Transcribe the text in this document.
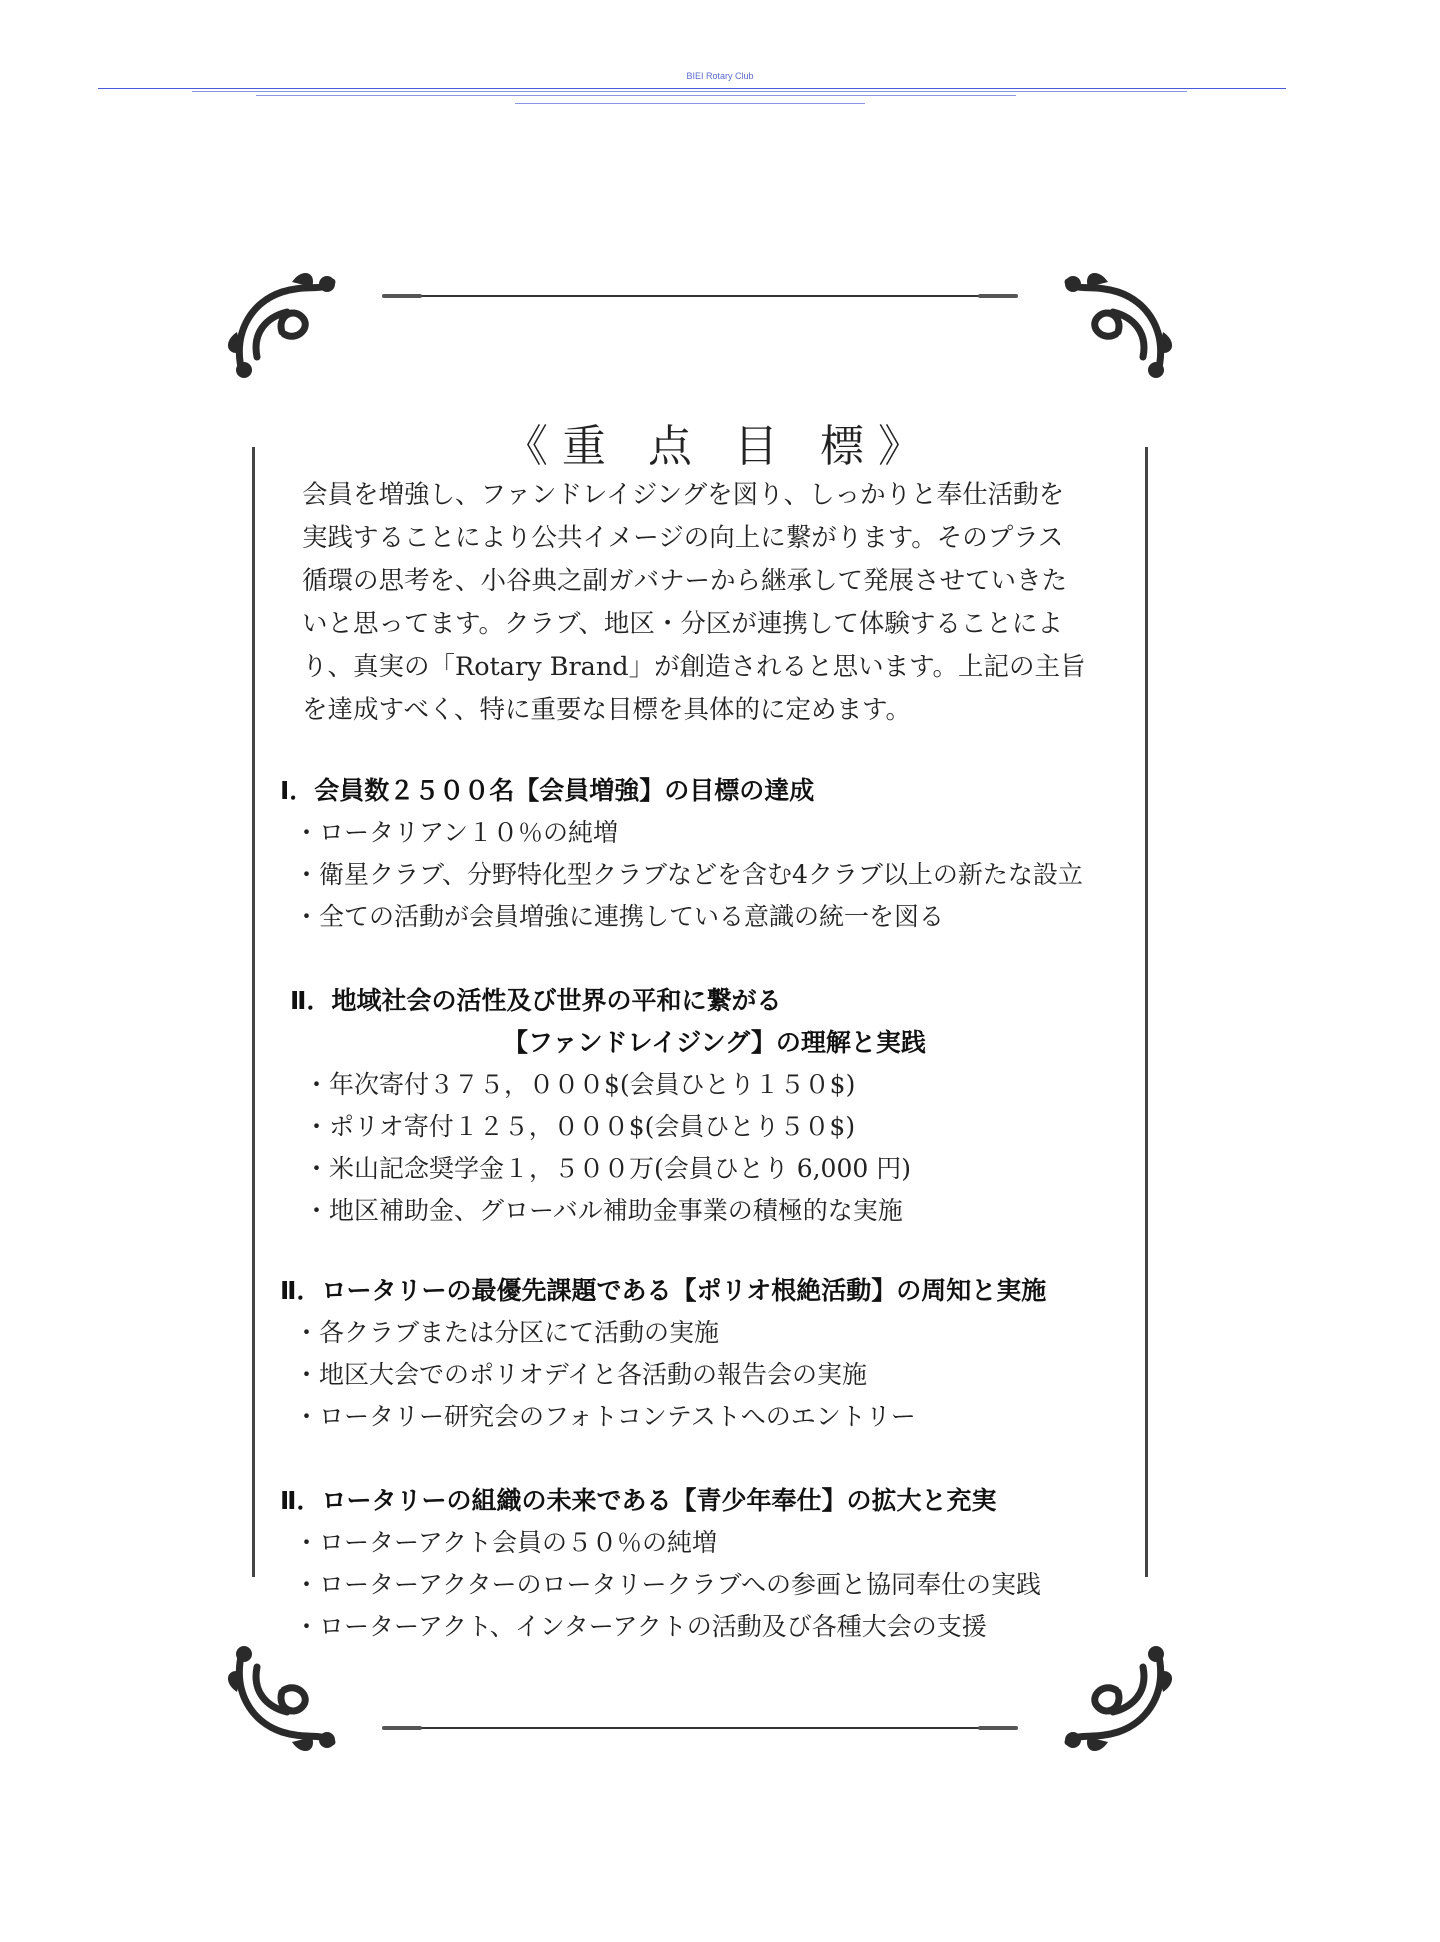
BIEI Rotary Club
《重 点 目 標》

会員を増強し、ファンドレイジングを図り、しっかりと奉仕活動を

実践することにより公共イメージの向上に繋がります。そのプラス

循環の思考を、小谷典之副ガバナーから継承して発展させていきた

いと思ってます。クラブ、地区・分区が連携して体験することによ

り、真実の「Rotary Brand」が創造されると思います。上記の主旨

を達成すべく、特に重要な目標を具体的に定めます。

Ⅰ．会員数２５００名【会員増強】の目標の達成

・ロータリアン１０％の純増

・衛星クラブ、分野特化型クラブなどを含む4クラブ以上の新たな設立

・全ての活動が会員増強に連携している意識の統一を図る

Ⅱ．地域社会の活性及び世界の平和に繋がる

【ファンドレイジング】の理解と実践

・年次寄付３７５，０００$(会員ひとり１５０$)

・ポリオ寄付１２５，０００$(会員ひとり５０$)

・米山記念奨学金１，５００万(会員ひとり 6,000 円)

・地区補助金、グローバル補助金事業の積極的な実施

Ⅱ．ロータリーの最優先課題である【ポリオ根絶活動】の周知と実施

・各クラブまたは分区にて活動の実施

・地区大会でのポリオデイと各活動の報告会の実施

・ロータリー研究会のフォトコンテストへのエントリー

Ⅱ．ロータリーの組織の未来である【青少年奉仕】の拡大と充実

・ローターアクト会員の５０％の純増

・ローターアクターのロータリークラブへの参画と協同奉仕の実践

・ローターアクト、インターアクトの活動及び各種大会の支援
